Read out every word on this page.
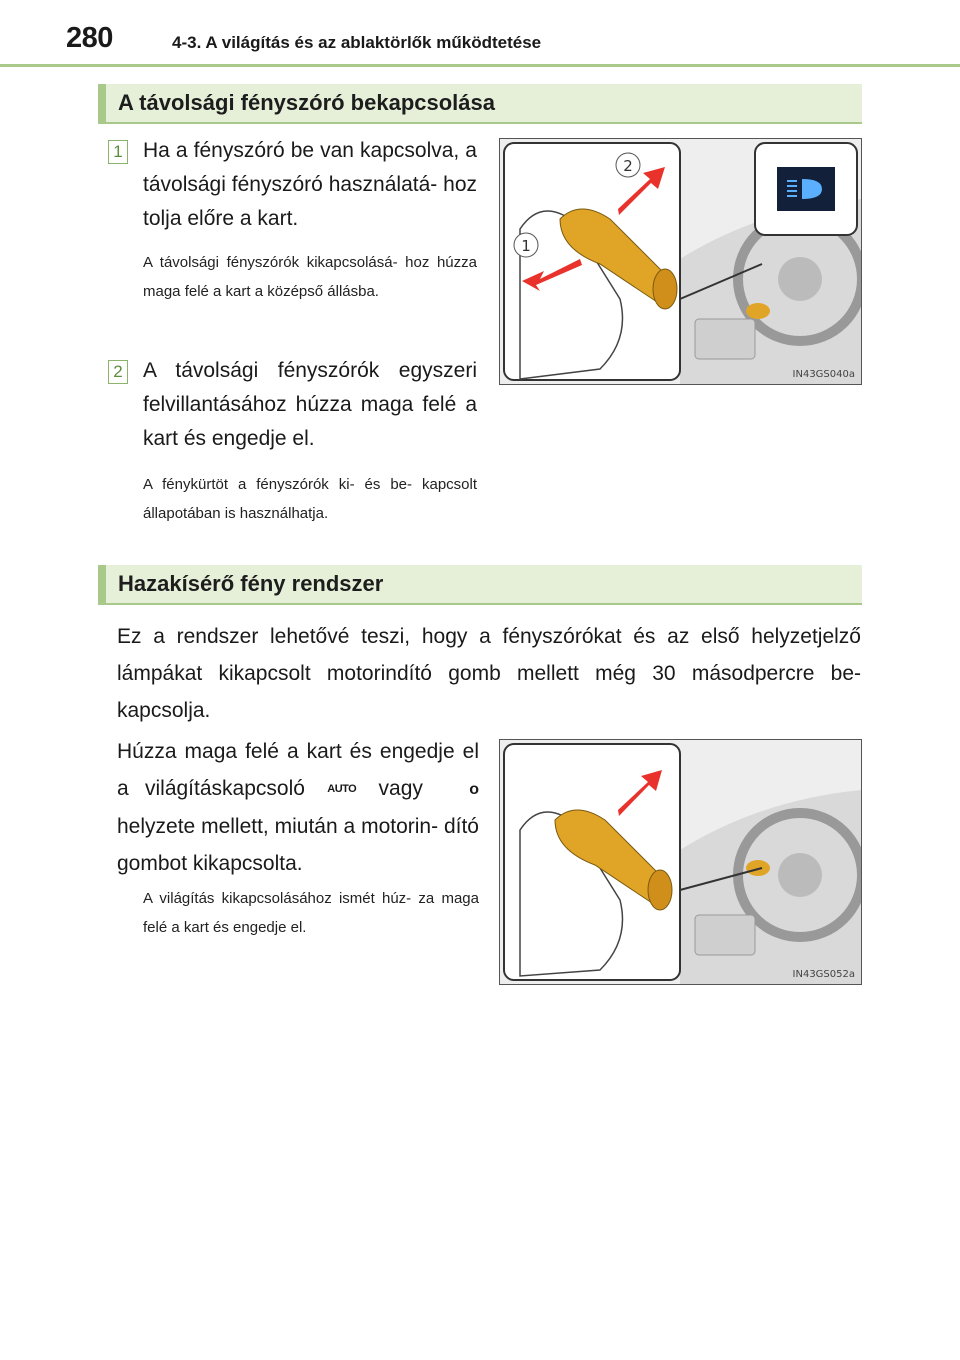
280	4-3. A világítás és az ablaktörlők működtetése
A távolsági fényszóró bekapcsolása
1 Ha a fényszóró be van kapcsolva, a távolsági fényszóró használatá- hoz tolja előre a kart.
A távolsági fényszórók kikapcsolásá- hoz húzza maga felé a kart a középső állásba.
2 A távolsági fényszórók egyszeri felvillantásához húzza maga felé a kart és engedje el.
A fénykürtöt a fényszórók ki- és be- kapcsolt állapotában is használhatja.
2
1
IN43GS040a
Hazakísérő fény rendszer
Ez a rendszer lehetővé teszi, hogy a fényszórókat és az első helyzetjelző lámpákat kikapcsolt motorindító gomb mellett még 30 másodpercre be- kapcsolja.
Húzza maga felé a kart és engedje el a világításkapcsoló AUTO vagy	o helyzete mellett, miután a motorin- dító gombot kikapcsolta.
A világítás kikapcsolásához ismét húz- za maga felé a kart és engedje el.
IN43GS052a
